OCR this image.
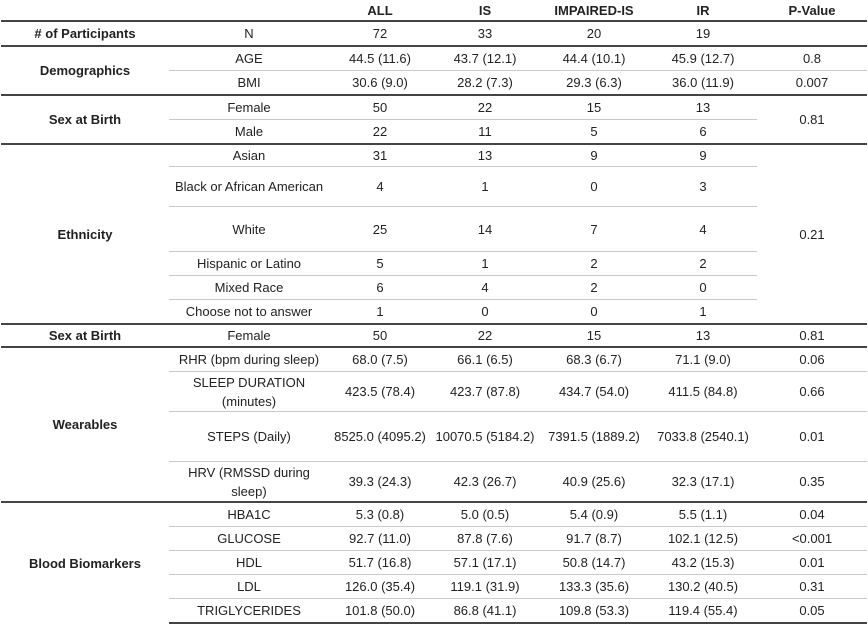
		ALL	IS	IMPAIRED-IS	IR	P-Value
# of Participants	N	72	33	20	19	
Demographics	AGE	44.5 (11.6)	43.7 (12.1)	44.4 (10.1)	45.9 (12.7)	0.8
	BMI	30.6 (9.0)	28.2 (7.3)	29.3 (6.3)	36.0 (11.9)	0.007
Sex at Birth	Female	50	22	15	13	0.81
	Male	22	11	5	6	
Ethnicity	Asian	31	13	9	9	0.21
	Black or African American	4	1	0	3	
	White	25	14	7	4	
	Hispanic or Latino	5	1	2	2	
	Mixed Race	6	4	2	0	
	Choose not to answer	1	0	0	1	
Sex at Birth	Female	50	22	15	13	0.81
Wearables	RHR (bpm during sleep)	68.0 (7.5)	66.1 (6.5)	68.3 (6.7)	71.1 (9.0)	0.06
	SLEEP DURATION (minutes)	423.5 (78.4)	423.7 (87.8)	434.7 (54.0)	411.5 (84.8)	0.66
	STEPS (Daily)	8525.0 (4095.2)	10070.5 (5184.2)	7391.5 (1889.2)	7033.8 (2540.1)	0.01
	HRV (RMSSD during sleep)	39.3 (24.3)	42.3 (26.7)	40.9 (25.6)	32.3 (17.1)	0.35
Blood Biomarkers	HBA1C	5.3 (0.8)	5.0 (0.5)	5.4 (0.9)	5.5 (1.1)	0.04
	GLUCOSE	92.7 (11.0)	87.8 (7.6)	91.7 (8.7)	102.1 (12.5)	<0.001
	HDL	51.7 (16.8)	57.1 (17.1)	50.8 (14.7)	43.2 (15.3)	0.01
	LDL	126.0 (35.4)	119.1 (31.9)	133.3 (35.6)	130.2 (40.5)	0.31
	TRIGLYCERIDES	101.8 (50.0)	86.8 (41.1)	109.8 (53.3)	119.4 (55.4)	0.05
